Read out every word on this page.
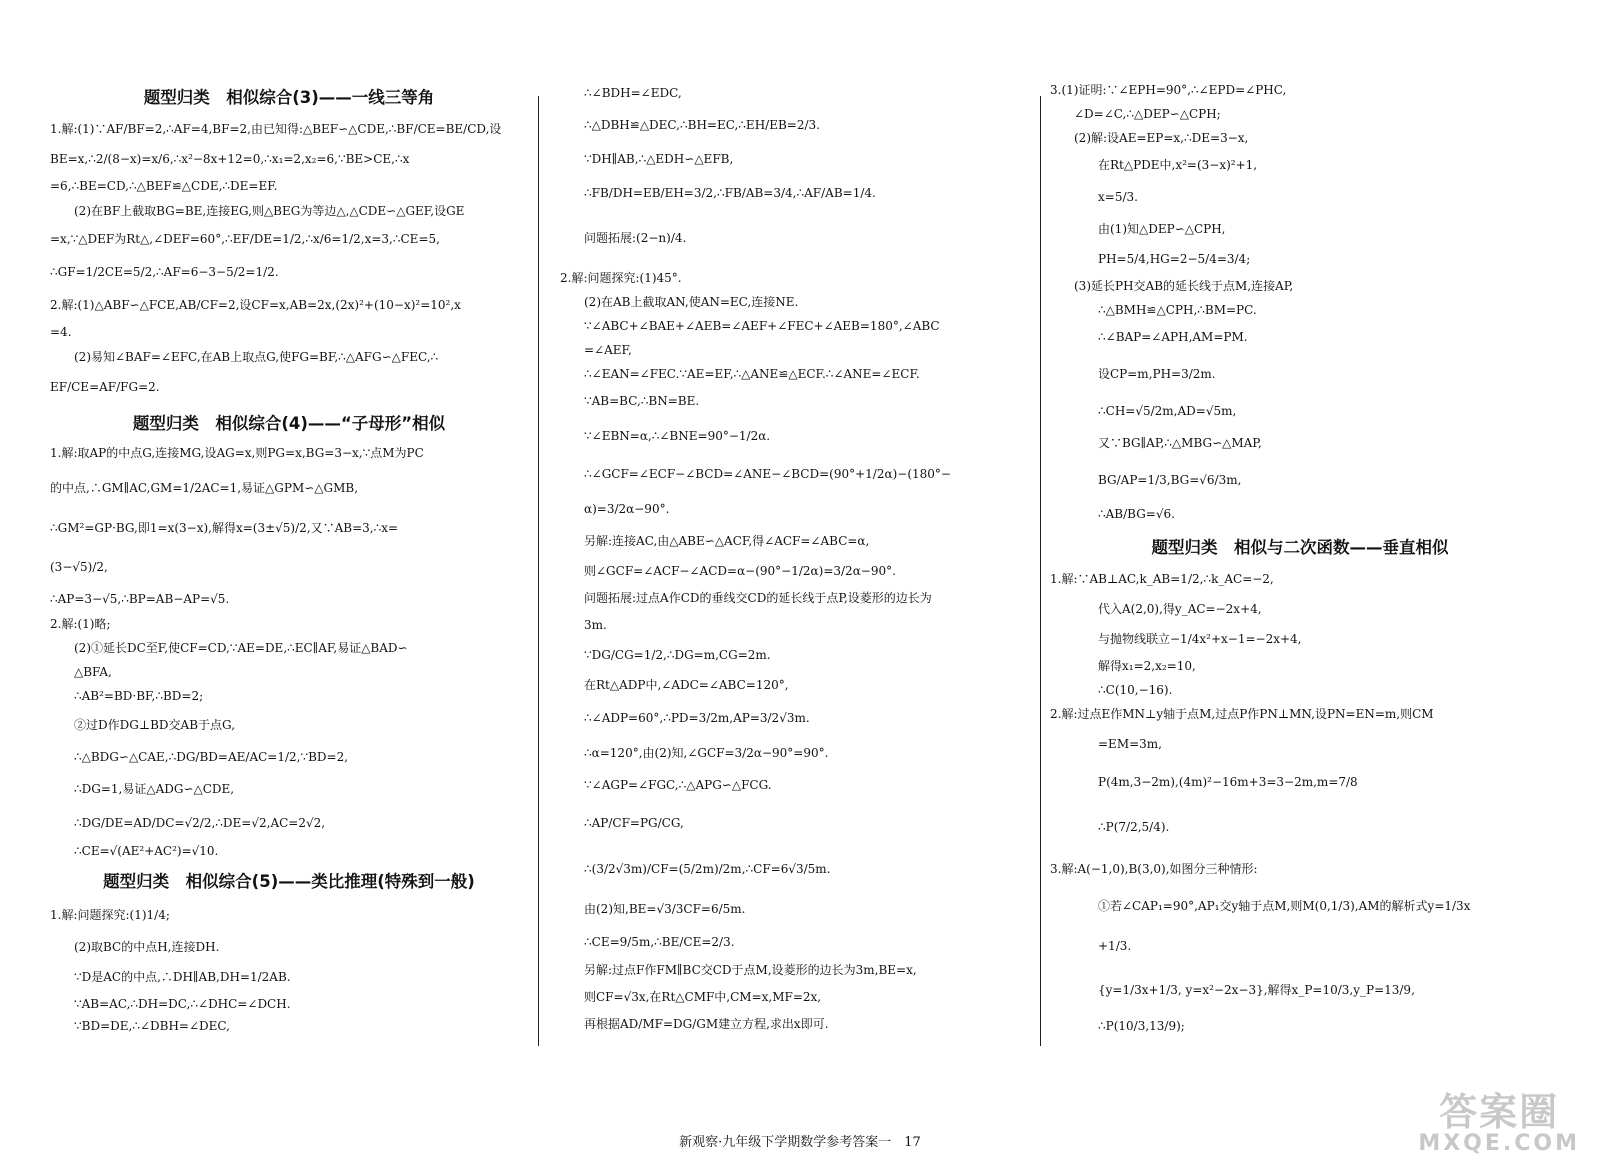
题型归类　相似综合(3)——一线三等角
1.解:(1)∵AF/BF=2,∴AF=4,BF=2,由已知得:△BEF∽△CDE,∴BF/CE=BE/CD,设
BE=x,∴2/(8−x)=x/6,∴x²−8x+12=0,∴x₁=2,x₂=6,∵BE>CE,∴x
=6,∴BE=CD,∴△BEF≌△CDE,∴DE=EF.
(2)在BF上截取BG=BE,连接EG,则△BEG为等边△,△CDE∽△GEF,设GE
=x,∵△DEF为Rt△,∠DEF=60°,∴EF/DE=1/2,∴x/6=1/2,x=3,∴CE=5,
∴GF=1/2CE=5/2,∴AF=6−3−5/2=1/2.
2.解:(1)△ABF∽△FCE,AB/CF=2,设CF=x,AB=2x,(2x)²+(10−x)²=10²,x
=4.
(2)易知∠BAF=∠EFC,在AB上取点G,使FG=BF,∴△AFG∽△FEC,∴
EF/CE=AF/FG=2.
题型归类　相似综合(4)——“子母形”相似
1.解:取AP的中点G,连接MG,设AG=x,则PG=x,BG=3−x,∵点M为PC
的中点,∴GM∥AC,GM=1/2AC=1,易证△GPM∽△GMB,
∴GM²=GP·BG,即1=x(3−x),解得x=(3±√5)/2,又∵AB=3,∴x=
(3−√5)/2,
∴AP=3−√5,∴BP=AB−AP=√5.
2.解:(1)略;
(2)①延长DC至F,使CF=CD,∵AE=DE,∴EC∥AF,易证△BAD∽
△BFA,
∴AB²=BD·BF,∴BD=2;
②过D作DG⊥BD交AB于点G,
∴△BDG∽△CAE,∴DG/BD=AE/AC=1/2,∵BD=2,
∴DG=1,易证△ADG∽△CDE,
∴DG/DE=AD/DC=√2/2,∴DE=√2,AC=2√2,
∴CE=√(AE²+AC²)=√10.
题型归类　相似综合(5)——类比推理(特殊到一般)
1.解:问题探究:(1)1/4;
(2)取BC的中点H,连接DH.
∵D是AC的中点,∴DH∥AB,DH=1/2AB.
∵AB=AC,∴DH=DC,∴∠DHC=∠DCH.
∵BD=DE,∴∠DBH=∠DEC,
∴∠BDH=∠EDC,
∴△DBH≌△DEC,∴BH=EC,∴EH/EB=2/3.
∵DH∥AB,∴△EDH∽△EFB,
∴FB/DH=EB/EH=3/2,∴FB/AB=3/4,∴AF/AB=1/4.
问题拓展:(2−n)/4.
2.解:问题探究:(1)45°.
(2)在AB上截取AN,使AN=EC,连接NE.
∵∠ABC+∠BAE+∠AEB=∠AEF+∠FEC+∠AEB=180°,∠ABC
=∠AEF,
∴∠EAN=∠FEC.∵AE=EF,∴△ANE≌△ECF.∴∠ANE=∠ECF.
∵AB=BC,∴BN=BE.
∵∠EBN=α,∴∠BNE=90°−1/2α.
∴∠GCF=∠ECF−∠BCD=∠ANE−∠BCD=(90°+1/2α)−(180°−
α)=3/2α−90°.
另解:连接AC,由△ABE∽△ACF,得∠ACF=∠ABC=α,
则∠GCF=∠ACF−∠ACD=α−(90°−1/2α)=3/2α−90°.
问题拓展:过点A作CD的垂线交CD的延长线于点P,设菱形的边长为
3m.
∵DG/CG=1/2,∴DG=m,CG=2m.
在Rt△ADP中,∠ADC=∠ABC=120°,
∴∠ADP=60°,∴PD=3/2m,AP=3/2√3m.
∴α=120°,由(2)知,∠GCF=3/2α−90°=90°.
∵∠AGP=∠FGC,∴△APG∽△FCG.
∴AP/CF=PG/CG,
∴(3/2√3m)/CF=(5/2m)/2m,∴CF=6√3/5m.
由(2)知,BE=√3/3CF=6/5m.
∴CE=9/5m,∴BE/CE=2/3.
另解:过点F作FM∥BC交CD于点M,设菱形的边长为3m,BE=x,
则CF=√3x,在Rt△CMF中,CM=x,MF=2x,
再根据AD/MF=DG/GM建立方程,求出x即可.
3.(1)证明:∵∠EPH=90°,∴∠EPD=∠PHC,
∠D=∠C,∴△DEP∽△CPH;
(2)解:设AE=EP=x,∴DE=3−x,
在Rt△PDE中,x²=(3−x)²+1,
x=5/3.
由(1)知△DEP∽△CPH,
PH=5/4,HG=2−5/4=3/4;
(3)延长PH交AB的延长线于点M,连接AP,
∴△BMH≌△CPH,∴BM=PC.
∴∠BAP=∠APH,AM=PM.
设CP=m,PH=3/2m.
∴CH=√5/2m,AD=√5m,
又∵BG∥AP,∴△MBG∽△MAP,
BG/AP=1/3,BG=√6/3m,
∴AB/BG=√6.
题型归类　相似与二次函数——垂直相似
1.解:∵AB⊥AC,k_AB=1/2,∴k_AC=−2,
代入A(2,0),得y_AC=−2x+4,
与抛物线联立−1/4x²+x−1=−2x+4,
解得x₁=2,x₂=10,
∴C(10,−16).
2.解:过点E作MN⊥y轴于点M,过点P作PN⊥MN,设PN=EN=m,则CM
=EM=3m,
P(4m,3−2m),(4m)²−16m+3=3−2m,m=7/8
∴P(7/2,5/4).
3.解:A(−1,0),B(3,0),如图分三种情形:
①若∠CAP₁=90°,AP₁交y轴于点M,则M(0,1/3),AM的解析式y=1/3x
+1/3.
{y=1/3x+1/3, y=x²−2x−3},解得x_P=10/3,y_P=13/9,
∴P(10/3,13/9);
新观察·九年级下学期数学参考答案一　17
答案圈
MXQE.COM
